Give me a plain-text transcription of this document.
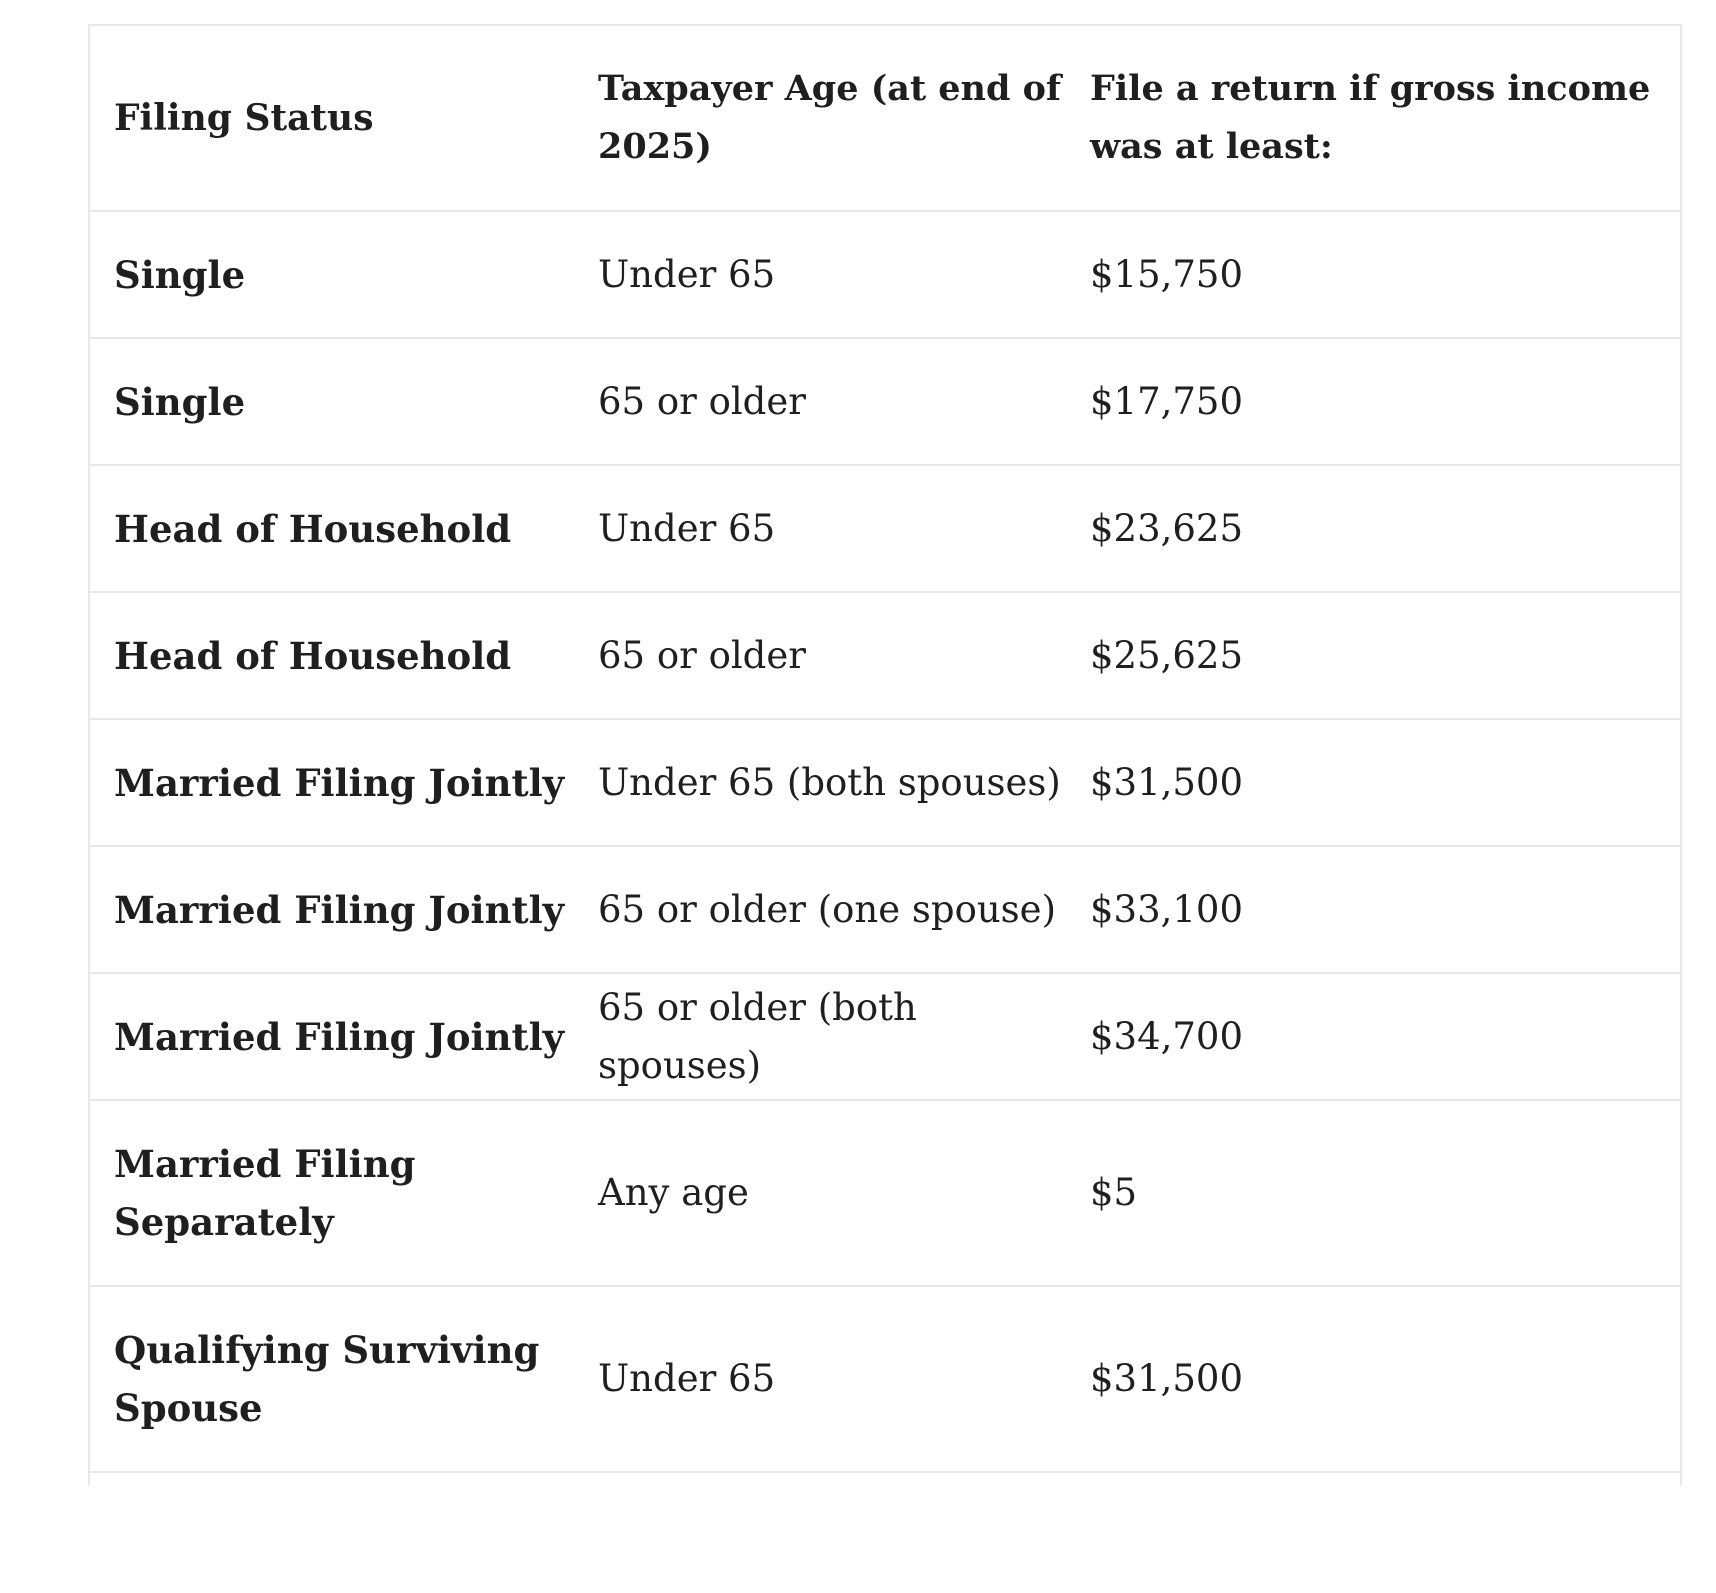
Filing Status	Taxpayer Age (at end of 2025)	File a return if gross income was at least:
Single	Under 65	$15,750
Single	65 or older	$17,750
Head of Household	Under 65	$23,625
Head of Household	65 or older	$25,625
Married Filing Jointly	Under 65 (both spouses)	$31,500
Married Filing Jointly	65 or older (one spouse)	$33,100
Married Filing Jointly	65 or older (both spouses)	$34,700
Married Filing Separately	Any age	$5
Qualifying Surviving Spouse	Under 65	$31,500
